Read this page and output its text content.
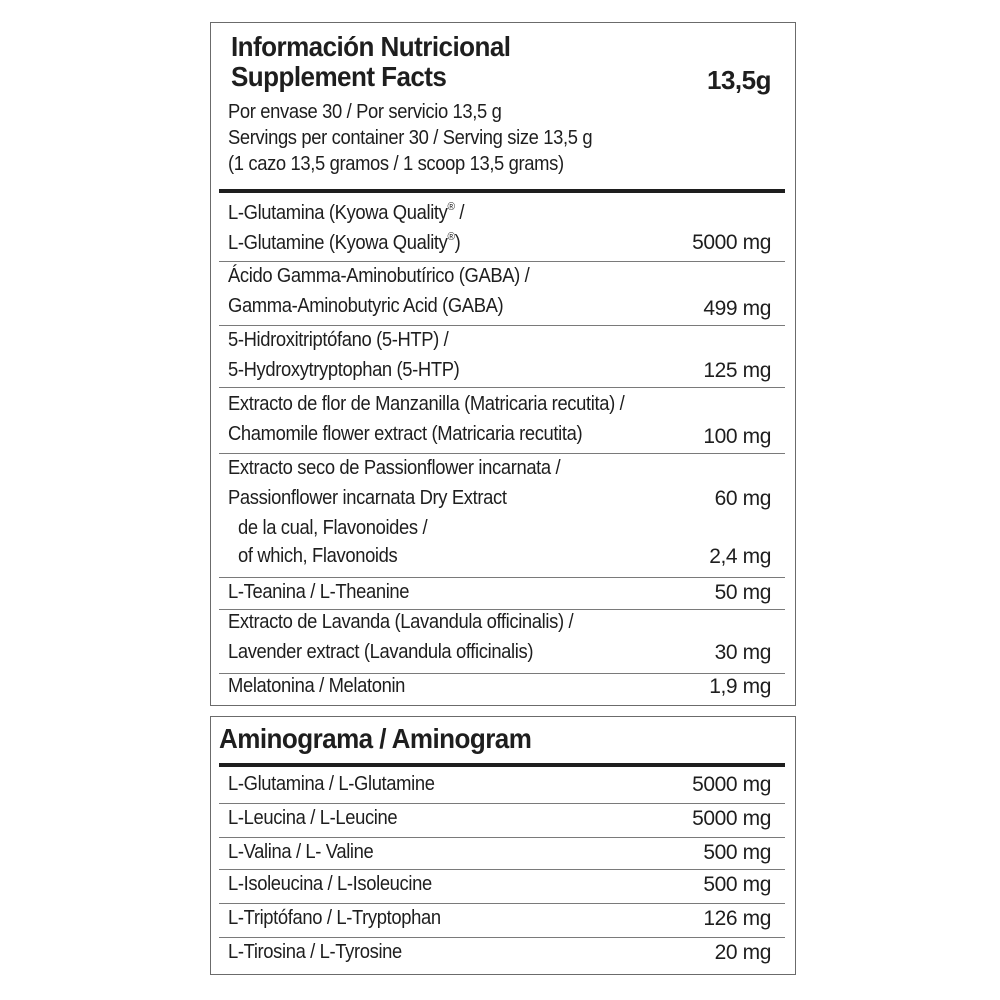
Información Nutricional
Supplement Facts	13,5g
Por envase 30 / Por servicio 13,5 g
Servings per container 30 / Serving size 13,5 g
(1 cazo 13,5 gramos / 1 scoop 13,5 grams)
L-Glutamina (Kyowa Quality® /
L-Glutamine (Kyowa Quality®)	5000 mg
Ácido Gamma-Aminobutírico (GABA) /
Gamma-Aminobutyric Acid (GABA)	499 mg
5-Hidroxitriptófano (5-HTP) /
5-Hydroxytryptophan (5-HTP)	125 mg
Extracto de flor de Manzanilla (Matricaria recutita) /
Chamomile flower extract (Matricaria recutita)	100 mg
Extracto seco de Passionflower incarnata /
Passionflower incarnata Dry Extract	60 mg
de la cual, Flavonoides /
of which, Flavonoids	2,4 mg
L-Teanina / L-Theanine	50 mg
Extracto de Lavanda (Lavandula officinalis) /
Lavender extract (Lavandula officinalis)	30 mg
Melatonina / Melatonin	1,9 mg
Aminograma / Aminogram
L-Glutamina / L-Glutamine	5000 mg
L-Leucina / L-Leucine	5000 mg
L-Valina / L- Valine	500 mg
L-Isoleucina / L-Isoleucine	500 mg
L-Triptófano / L-Tryptophan	126 mg
L-Tirosina / L-Tyrosine	20 mg
